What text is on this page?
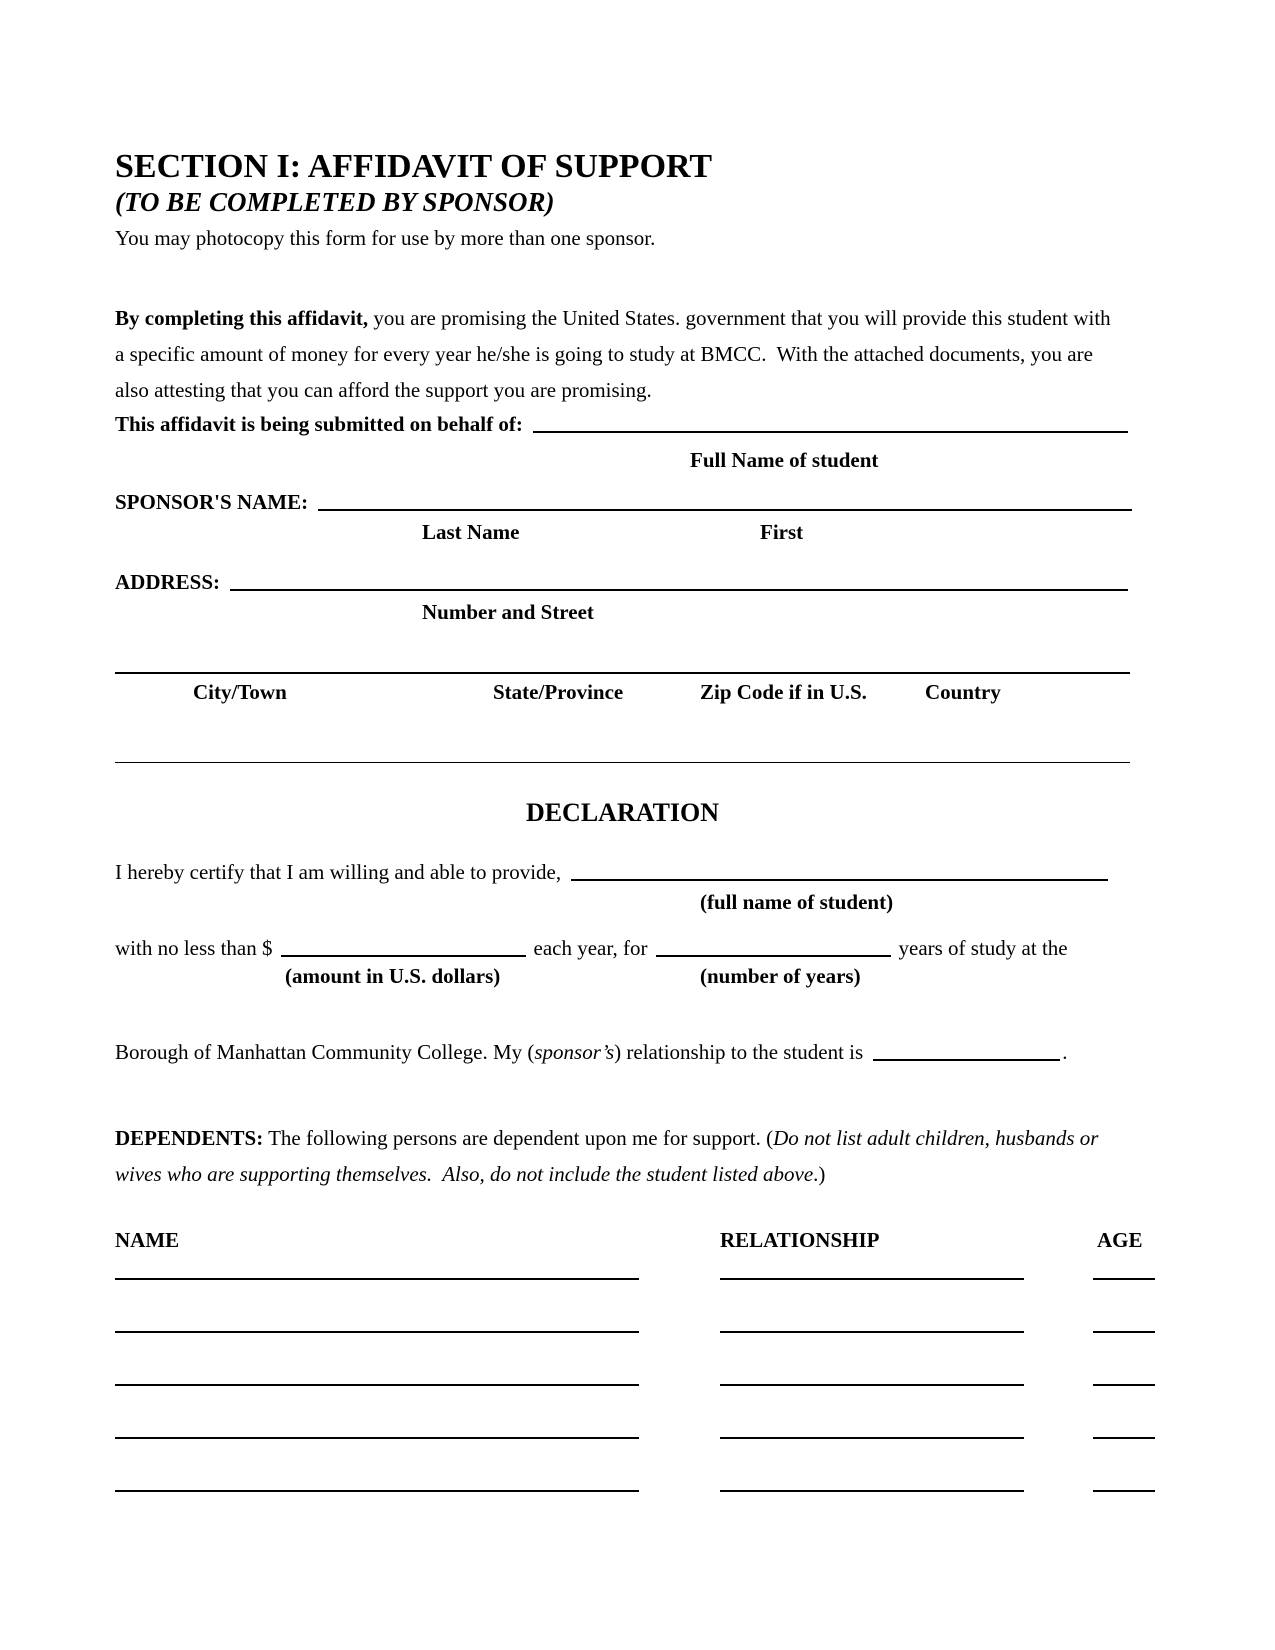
SECTION I: AFFIDAVIT OF SUPPORT
(TO BE COMPLETED BY SPONSOR)
You may photocopy this form for use by more than one sponsor.
By completing this affidavit, you are promising the United States. government that you will provide this student with a specific amount of money for every year he/she is going to study at BMCC.  With the attached documents, you are also attesting that you can afford the support you are promising.
This affidavit is being submitted on behalf of:
Full Name of student
SPONSOR'S NAME:
Last Name	First
ADDRESS:
Number and Street
City/Town	State/Province	Zip Code if in U.S.	Country
DECLARATION
I hereby certify that I am willing and able to provide,
(full name of student)
with no less than $	each year, for	years of study at the
(amount in U.S. dollars)	(number of years)
Borough of Manhattan Community College. My ( sponsor’s ) relationship to the student is	.
DEPENDENTS: The following persons are dependent upon me for support. (Do not list adult children, husbands or wives who are supporting themselves.  Also, do not include the student listed above.)
NAME	RELATIONSHIP	AGE
